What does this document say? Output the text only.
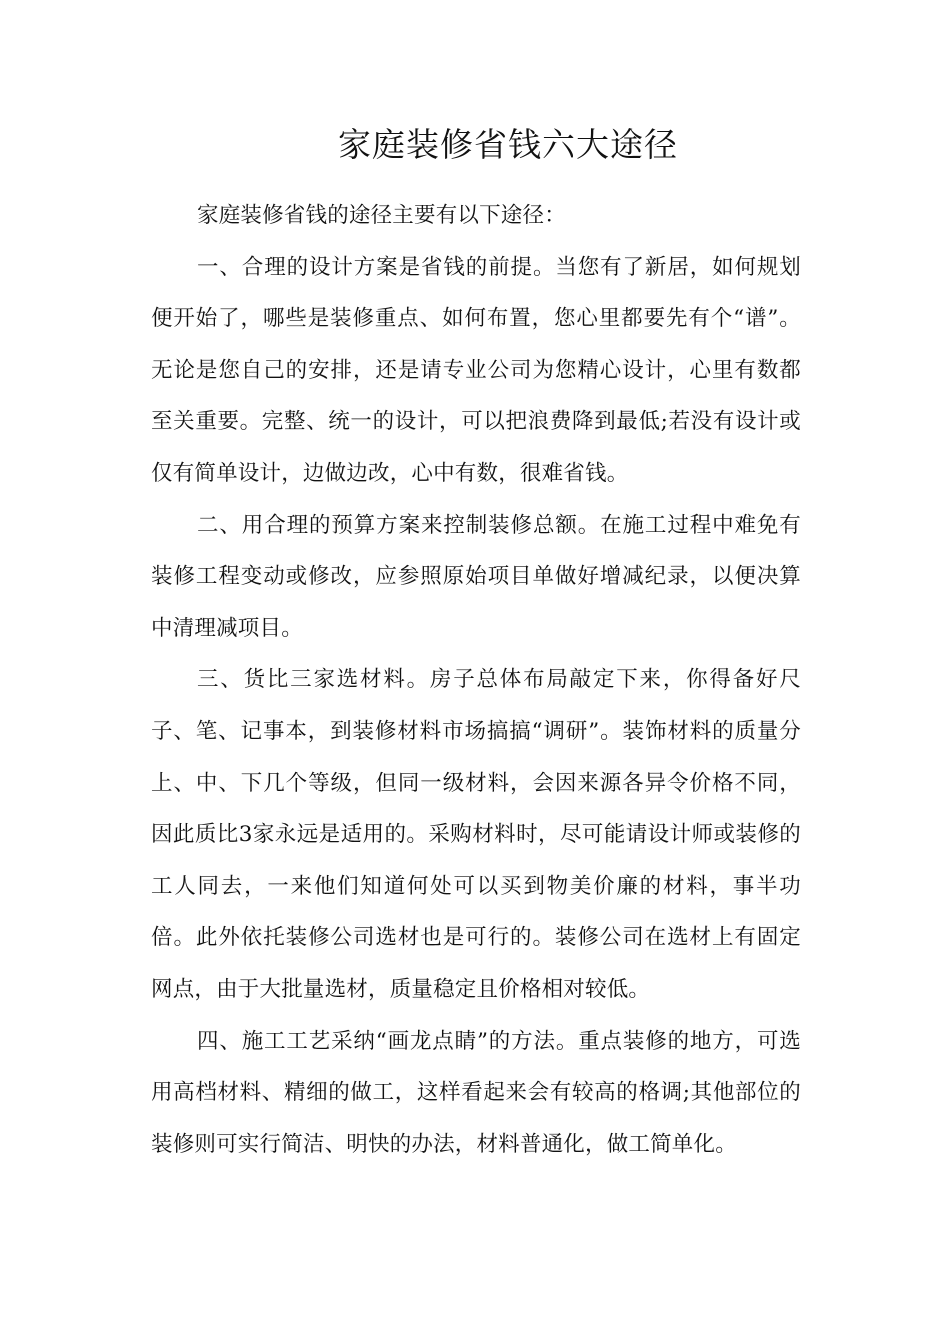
家庭装修省钱六大途径

家庭装修省钱的途径主要有以下途径：

一、合理的设计方案是省钱的前提。当您有了新居，如何规划便开始了，哪些是装修重点、如何布置，您心里都要先有个“谱”。无论是您自己的安排，还是请专业公司为您精心设计，心里有数都至关重要。完整、统一的设计，可以把浪费降到最低;若没有设计或仅有简单设计，边做边改，心中有数，很难省钱。

二、用合理的预算方案来控制装修总额。在施工过程中难免有装修工程变动或修改，应参照原始项目单做好增减纪录，以便决算中清理减项目。

三、货比三家选材料。房子总体布局敲定下来，你得备好尺子、笔、记事本，到装修材料市场搞搞“调研”。装饰材料的质量分上、中、下几个等级，但同一级材料，会因来源各异令价格不同，因此质比3家永远是适用的。采购材料时，尽可能请设计师或装修的工人同去，一来他们知道何处可以买到物美价廉的材料，事半功倍。此外依托装修公司选材也是可行的。装修公司在选材上有固定网点，由于大批量选材，质量稳定且价格相对较低。

四、施工工艺采纳“画龙点睛”的方法。重点装修的地方，可选用高档材料、精细的做工，这样看起来会有较高的格调;其他部位的装修则可实行简洁、明快的办法，材料普通化，做工简单化。
